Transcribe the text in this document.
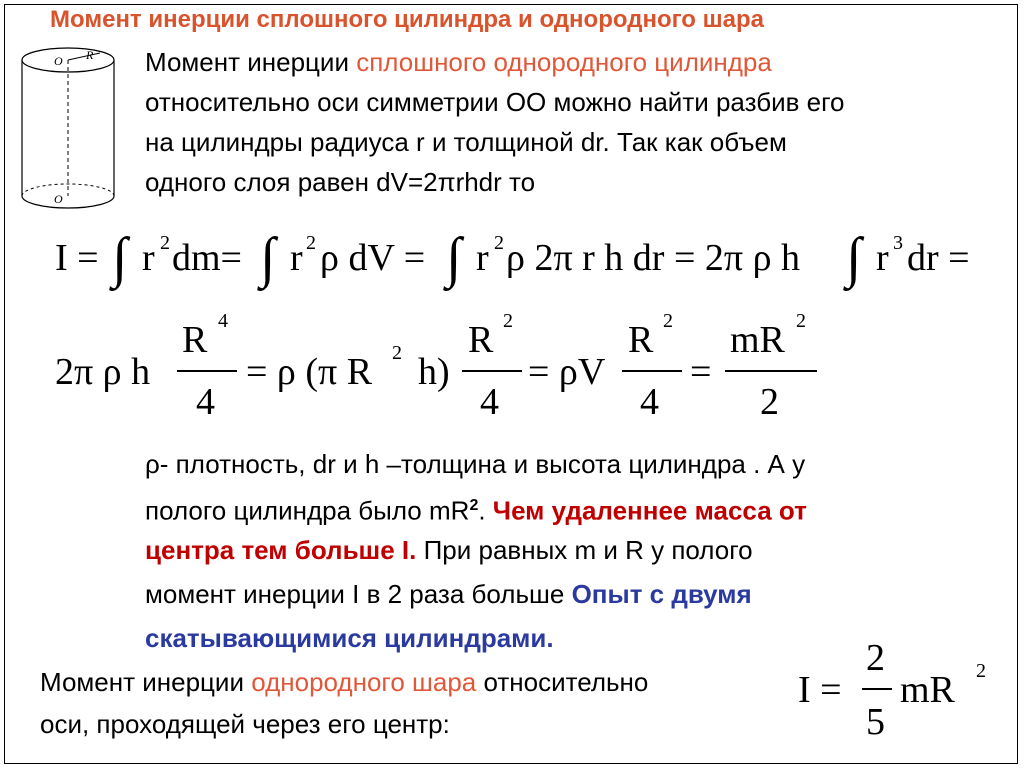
Момент инерции сплошного цилиндра и однородного шара
O R
O
Момент инерции сплошного однородного цилиндра
относительно оси симметрии ОО можно найти разбив его
на цилиндры радиуса r и толщиной dr. Так как объем
одного слоя равен dV=2πrhdr то
I = ∫ r 2 dm= ∫ r 2 ρ dV = ∫ r 2 ρ 2π r h dr = 2π ρ h ∫ r 3 dr =
2π ρ h
R 4
4
= ρ (π R 2 h)
R 2
4
= ρV
R 2
4
=
mR 2
2
ρ- плотность, dr и h –толщина и высота цилиндра . А у
полого цилиндра было $mR^2$. Чем удаленнее масса от
центра тем больше I. При равных m и R у полого
момент инерции I в 2 раза больше Опыт с двумя
скатывающимися цилиндрами.
Момент инерции однородного шара относительно
оси, проходящей через его центр:
I =
2
5
mR 2
